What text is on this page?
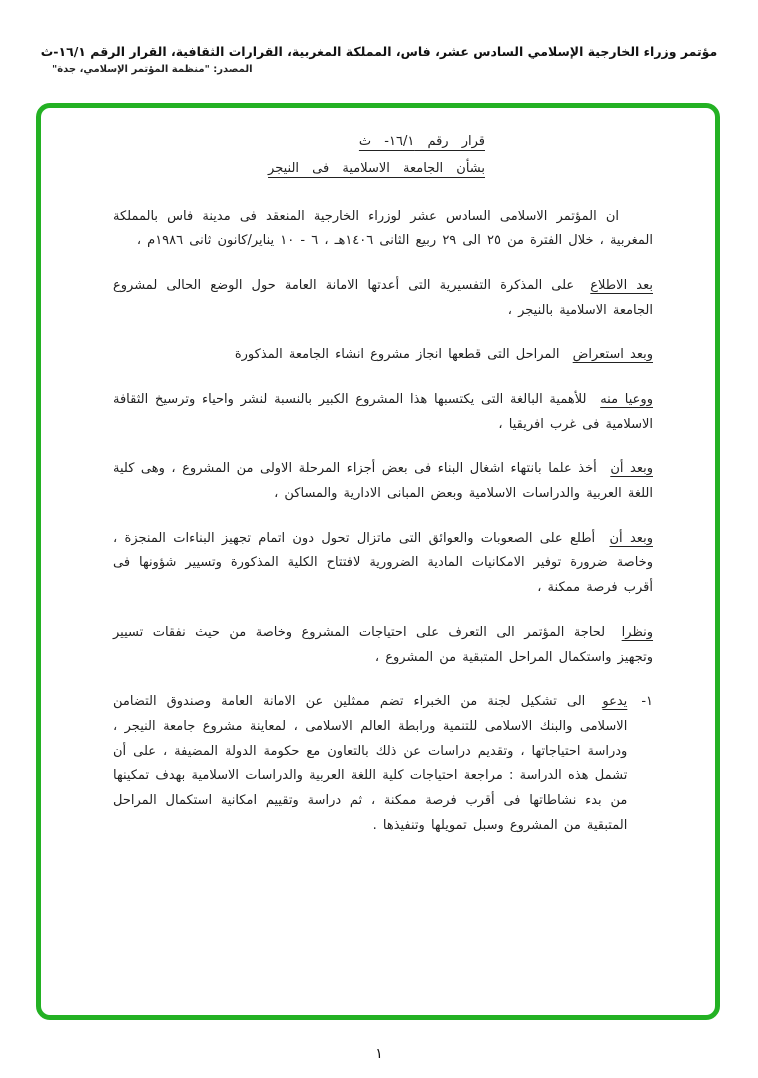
مؤتمر وزراء الخارجية الإسلامي السادس عشر، فاس، المملكة المغربية، القرارات الثقافية، القرار الرقم ١٦/١-ث
المصدر: "منظمة المؤتمر الإسلامي، جدة"
قرار رقم ١٦/١- ث
بشأن الجامعة الاسلامية فى النيجر

ان المؤتمر الاسلامى السادس عشر لوزراء الخارجية المنعقد فى مدينة فاس بالمملكة المغربية ، خلال الفترة من ٢٥ الى ٢٩ ربيع الثانى ١٤٠٦هـ ، ٦ - ١٠ يناير/كانون ثانى ١٩٨٦م ،

بعد الاطلاع على المذكرة التفسيرية التى أعدتها الامانة العامة حول الوضع الحالى لمشروع الجامعة الاسلامية بالنيجر ،

وبعد استعراض المراحل التى قطعها انجاز مشروع انشاء الجامعة المذكورة

ووعيا منه للأهمية البالغة التى يكتسبها هذا المشروع الكبير بالنسبة لنشر واحياء وترسيخ الثقافة الاسلامية فى غرب افريقيا ،

وبعد أن أخذ علما بانتهاء اشغال البناء فى بعض أجزاء المرحلة الاولى من المشروع ، وهى كلية اللغة العربية والدراسات الاسلامية وبعض المبانى الادارية والمساكن ،

وبعد أن أطلع على الصعوبات والعوائق التى ماتزال تحول دون اتمام تجهيز البناءات المنجزة ، وخاصة ضرورة توفير الامكانيات المادية الضرورية لافتتاح الكلية المذكورة وتسيير شؤونها فى أقرب فرصة ممكنة ،

ونظرا لحاجة المؤتمر الى التعرف على احتياجات المشروع وخاصة من حيث نفقات تسيير وتجهيز واستكمال المراحل المتبقية من المشروع ،

١-

يدعو الى تشكيل لجنة من الخبراء تضم ممثلين عن الامانة العامة وصندوق التضامن الاسلامى والبنك الاسلامى للتنمية ورابطة العالم الاسلامى ، لمعاينة مشروع جامعة النيجر ، ودراسة احتياجاتها ، وتقديم دراسات عن ذلك بالتعاون مع حكومة الدولة المضيفة ، على أن تشمل هذه الدراسة : مراجعة احتياجات كلية اللغة العربية والدراسات الاسلامية بهدف تمكينها من بدء نشاطاتها فى أقرب فرصة ممكنة ، ثم دراسة وتقييم امكانية استكمال المراحل المتبقية من المشروع وسبل تمويلها وتنفيذها .

١
